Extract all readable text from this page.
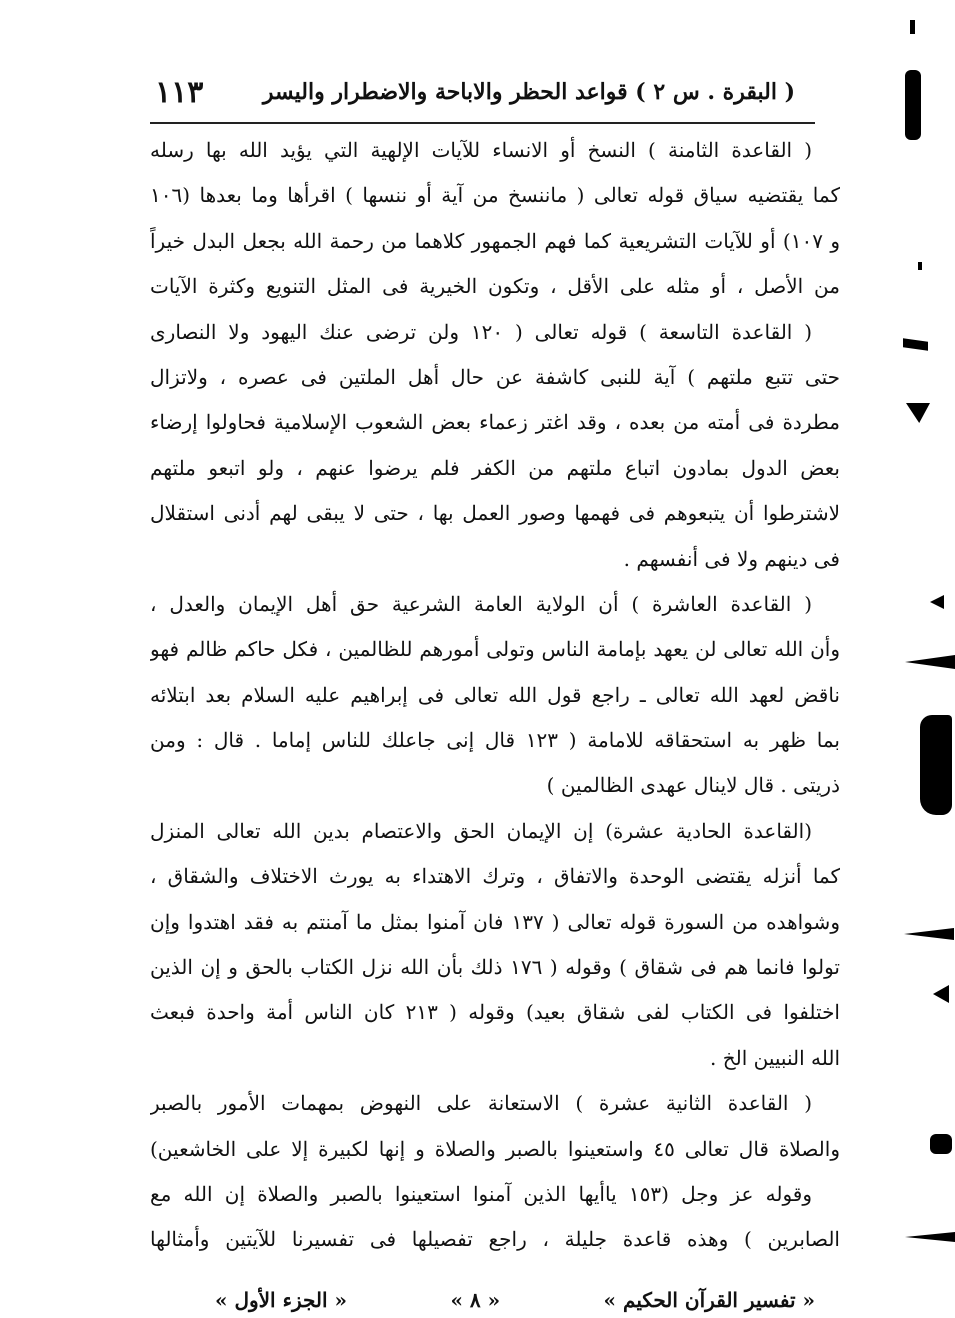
( البقرة . س ٢ ) قواعد الحظر والاباحة والاضطرار واليسر
١١٣
( القاعدة الثامنة ) النسخ أو الانساء للآيات الإلهية التي يؤيد الله بها رسله
كما يقتضيه سياق قوله تعالى ( ماننسخ من آية أو ننسها ) اقرأها وما بعدها (١٠٦
و ١٠٧) أو للآيات التشريعية كما فهم الجمهور كلاهما من رحمة الله بجعل البدل خيراً
من الأصل ، أو مثله على الأقل ، وتكون الخيرية فى المثل التنويع وكثرة الآيات
( القاعدة التاسعة ) قوله تعالى ( ١٢٠ ولن ترضى عنك اليهود ولا النصارى
حتى تتبع ملتهم ) آية للنبى كاشفة عن حال أهل الملتين فى عصره ، ولاتزال
مطردة فى أمته من بعده ، وقد اغتر زعماء بعض الشعوب الإسلامية فحاولوا إرضاء
بعض الدول بمادون اتباع ملتهم من الكفر فلم يرضوا عنهم ، ولو اتبعو ملتهم
لاشترطوا أن يتبعوهم فى فهمها وصور العمل بها ، حتى لا يبقى لهم أدنى استقلال
فى دينهم ولا فى أنفسهم .
( القاعدة العاشرة ) أن الولاية العامة الشرعية حق أهل الإيمان والعدل ،
وأن الله تعالى لن يعهد بإمامة الناس وتولى أمورهم للظالمين ، فكل حاكم ظالم فهو
ناقض لعهد الله تعالى ـ راجع قول الله تعالى فى إبراهيم عليه السلام بعد ابتلائه
بما ظهر به استحقاقه للامامة ( ١٢٣ قال إنى جاعلك للناس إماما . قال : ومن
ذريتى . قال لاينال عهدى الظالمين )
(القاعدة الحادية عشرة) إن الإيمان الحق والاعتصام بدين الله تعالى المنزل
كما أنزله يقتضى الوحدة والاتفاق ، وترك الاهتداء به يورث الاختلاف والشقاق ،
وشواهده من السورة قوله تعالى ( ١٣٧ فان آمنوا بمثل ما آمنتم به فقد اهتدوا وإن
تولوا فانما هم فى شقاق ) وقوله ( ١٧٦ ذلك بأن الله نزل الكتاب بالحق و إن الذين
اختلفوا فى الكتاب لفى شقاق بعيد) وقوله ( ٢١٣ كان الناس أمة واحدة فبعث
الله النبيين الخ .
( القاعدة الثانية عشرة ) الاستعانة على النهوض بمهمات الأمور بالصبر
والصلاة قال تعالى ٤٥ واستعينوا بالصبر والصلاة و إنها لكبيرة إلا على الخاشعين)
وقوله عز وجل (١٥٣ ياأيها الذين آمنوا استعينوا بالصبر والصلاة إن الله مع
الصابرين ) وهذه قاعدة جليلة ، راجع تفصيلها فى تفسيرنا للآيتين وأمثالها
« تفسير القرآن الحكيم »
« ٨ »
« الجزء الأول »
